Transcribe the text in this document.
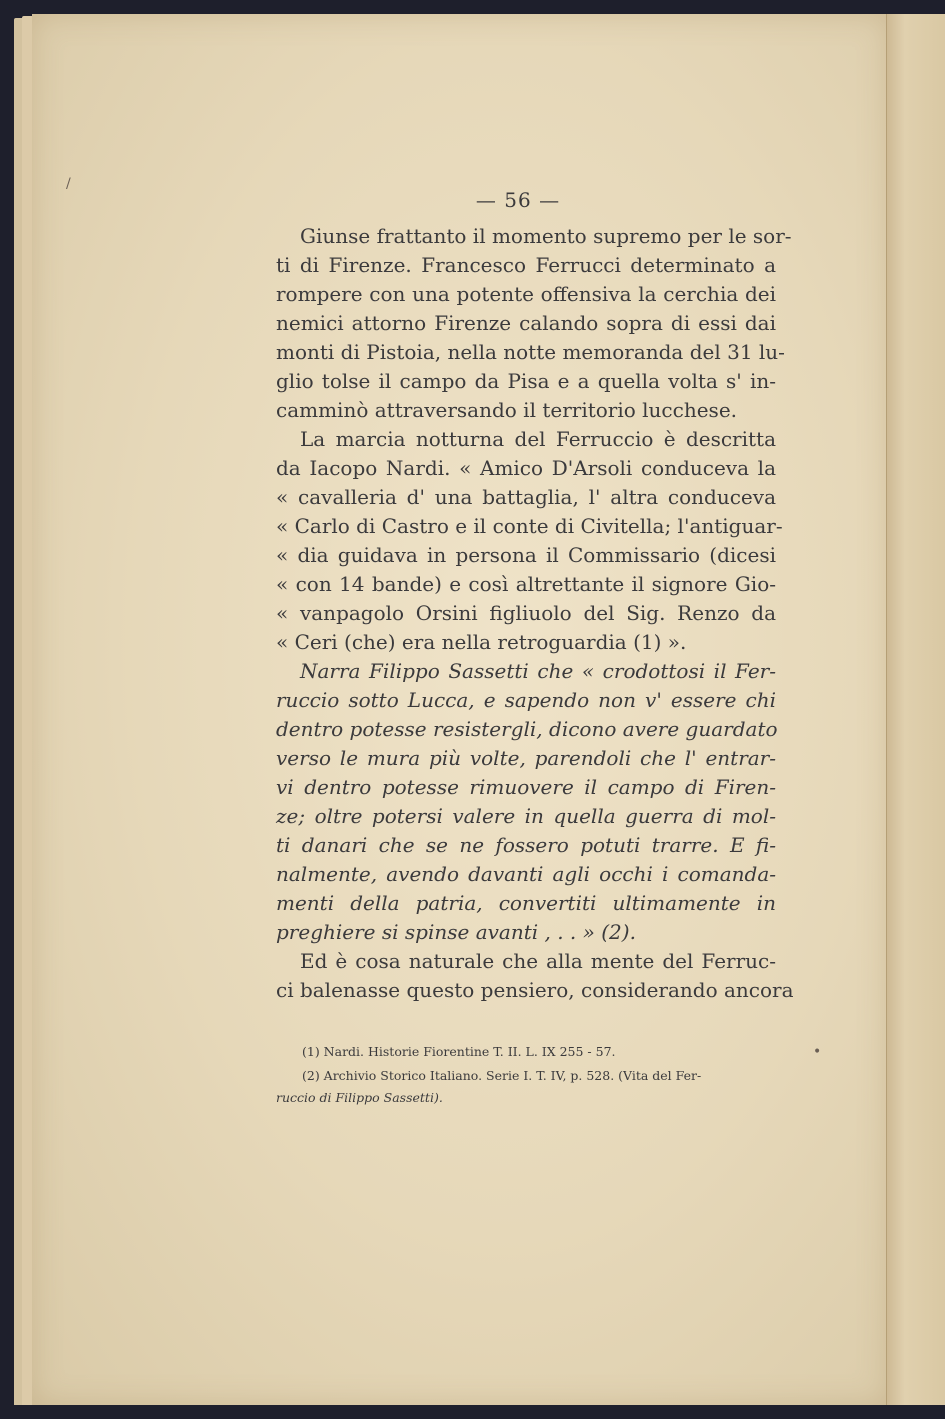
— 56 —
Giunse frattanto il momento supremo per le sor-
ti di Firenze. Francesco Ferrucci determinato a
rompere con una potente offensiva la cerchia dei
nemici attorno Firenze calando sopra di essi dai
monti di Pistoia, nella notte memoranda del 31 lu-
glio tolse il campo da Pisa e a quella volta s' in-
camminò attraversando il territorio lucchese.
La marcia notturna del Ferruccio è descritta
da Iacopo Nardi. « Amico D'Arsoli conduceva la
« cavalleria d' una battaglia, l' altra conduceva
« Carlo di Castro e il conte di Civitella; l'antiguar-
« dia guidava in persona il Commissario (dicesi
« con 14 bande) e così altrettante il signore Gio-
« vanpagolo Orsini figliuolo del Sig. Renzo da
« Ceri (che) era nella retroguardia (1) ».
Narra Filippo Sassetti che « crodottosi il Fer-
ruccio sotto Lucca, e sapendo non v' essere chi
dentro potesse resistergli, dicono avere guardato
verso le mura più volte, parendoli che l' entrar-
vi dentro potesse rimuovere il campo di Firen-
ze; oltre potersi valere in quella guerra di mol-
ti danari che se ne fossero potuti trarre. E fi-
nalmente, avendo davanti agli occhi i comanda-
menti della patria, convertiti ultimamente in
preghiere si spinse avanti , . . » (2).
Ed è cosa naturale che alla mente del Ferruc-
ci balenasse questo pensiero, considerando ancora
(1) Nardi. Historie Fiorentine T. II. L. IX 255 - 57.
(2) Archivio Storico Italiano. Serie I. T. IV, p. 528. (Vita del Fer-
ruccio di Filippo Sassetti).
/
•
